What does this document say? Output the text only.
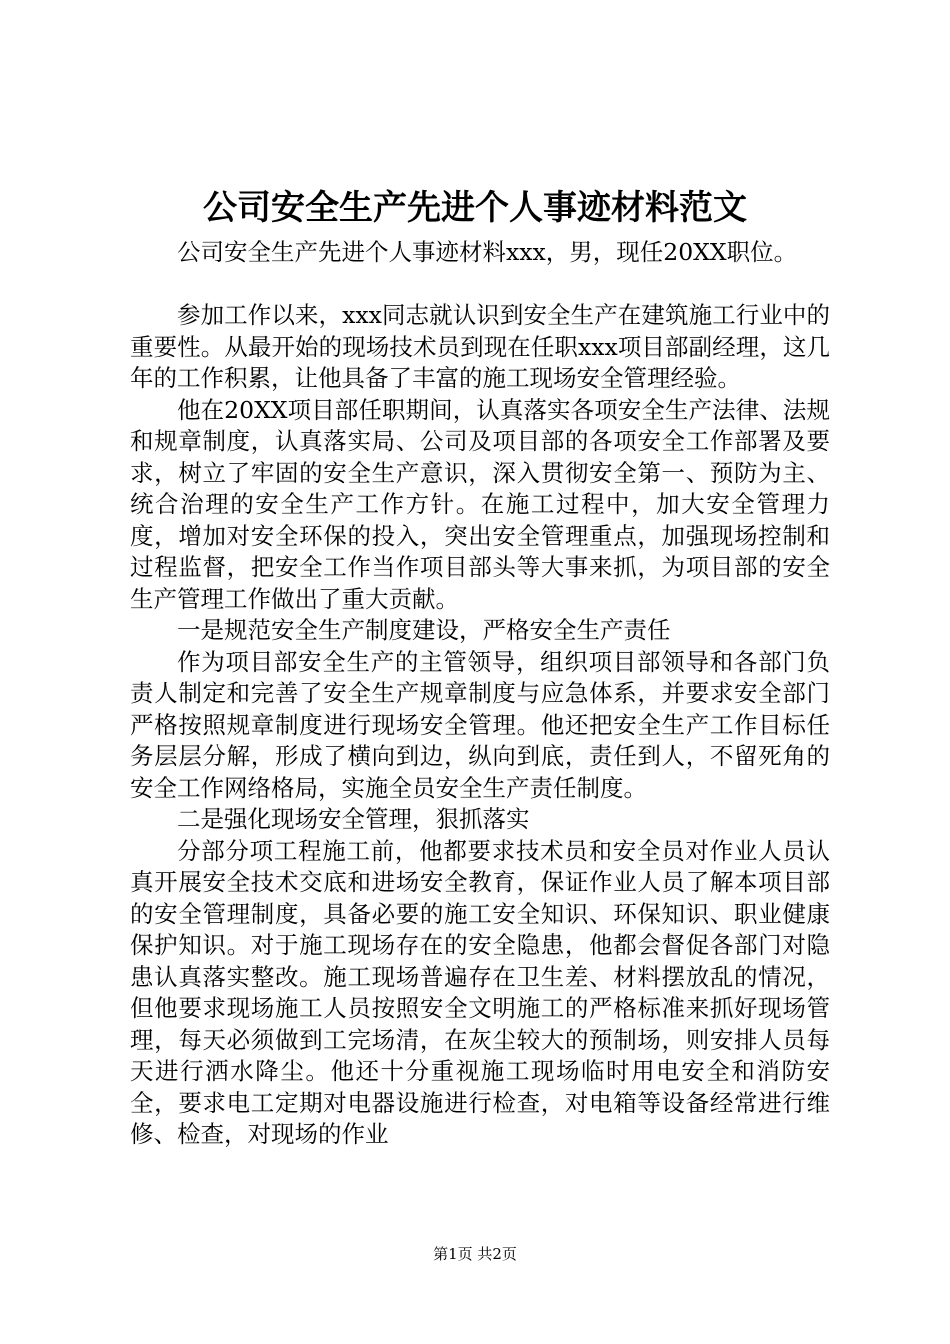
公司安全生产先进个人事迹材料范文

公司安全生产先进个人事迹材料xxx，男，现任20XX职位。

参加工作以来，xxx同志就认识到安全生产在建筑施工行业中的重要性。从最开始的现场技术员到现在任职xxx项目部副经理，这几年的工作积累，让他具备了丰富的施工现场安全管理经验。

他在20XX项目部任职期间，认真落实各项安全生产法律、法规和规章制度，认真落实局、公司及项目部的各项安全工作部署及要求，树立了牢固的安全生产意识，深入贯彻安全第一、预防为主、统合治理的安全生产工作方针。在施工过程中，加大安全管理力度，增加对安全环保的投入，突出安全管理重点，加强现场控制和过程监督，把安全工作当作项目部头等大事来抓，为项目部的安全生产管理工作做出了重大贡献。

一是规范安全生产制度建设，严格安全生产责任

作为项目部安全生产的主管领导，组织项目部领导和各部门负责人制定和完善了安全生产规章制度与应急体系，并要求安全部门严格按照规章制度进行现场安全管理。他还把安全生产工作目标任务层层分解，形成了横向到边，纵向到底，责任到人，不留死角的安全工作网络格局，实施全员安全生产责任制度。

二是强化现场安全管理，狠抓落实

分部分项工程施工前，他都要求技术员和安全员对作业人员认真开展安全技术交底和进场安全教育，保证作业人员了解本项目部的安全管理制度，具备必要的施工安全知识、环保知识、职业健康保护知识。对于施工现场存在的安全隐患，他都会督促各部门对隐患认真落实整改。施工现场普遍存在卫生差、材料摆放乱的情况，但他要求现场施工人员按照安全文明施工的严格标准来抓好现场管理，每天必须做到工完场清，在灰尘较大的预制场，则安排人员每天进行洒水降尘。他还十分重视施工现场临时用电安全和消防安全，要求电工定期对电器设施进行检查，对电箱等设备经常进行维修、检查，对现场的作业

第1页 共2页
